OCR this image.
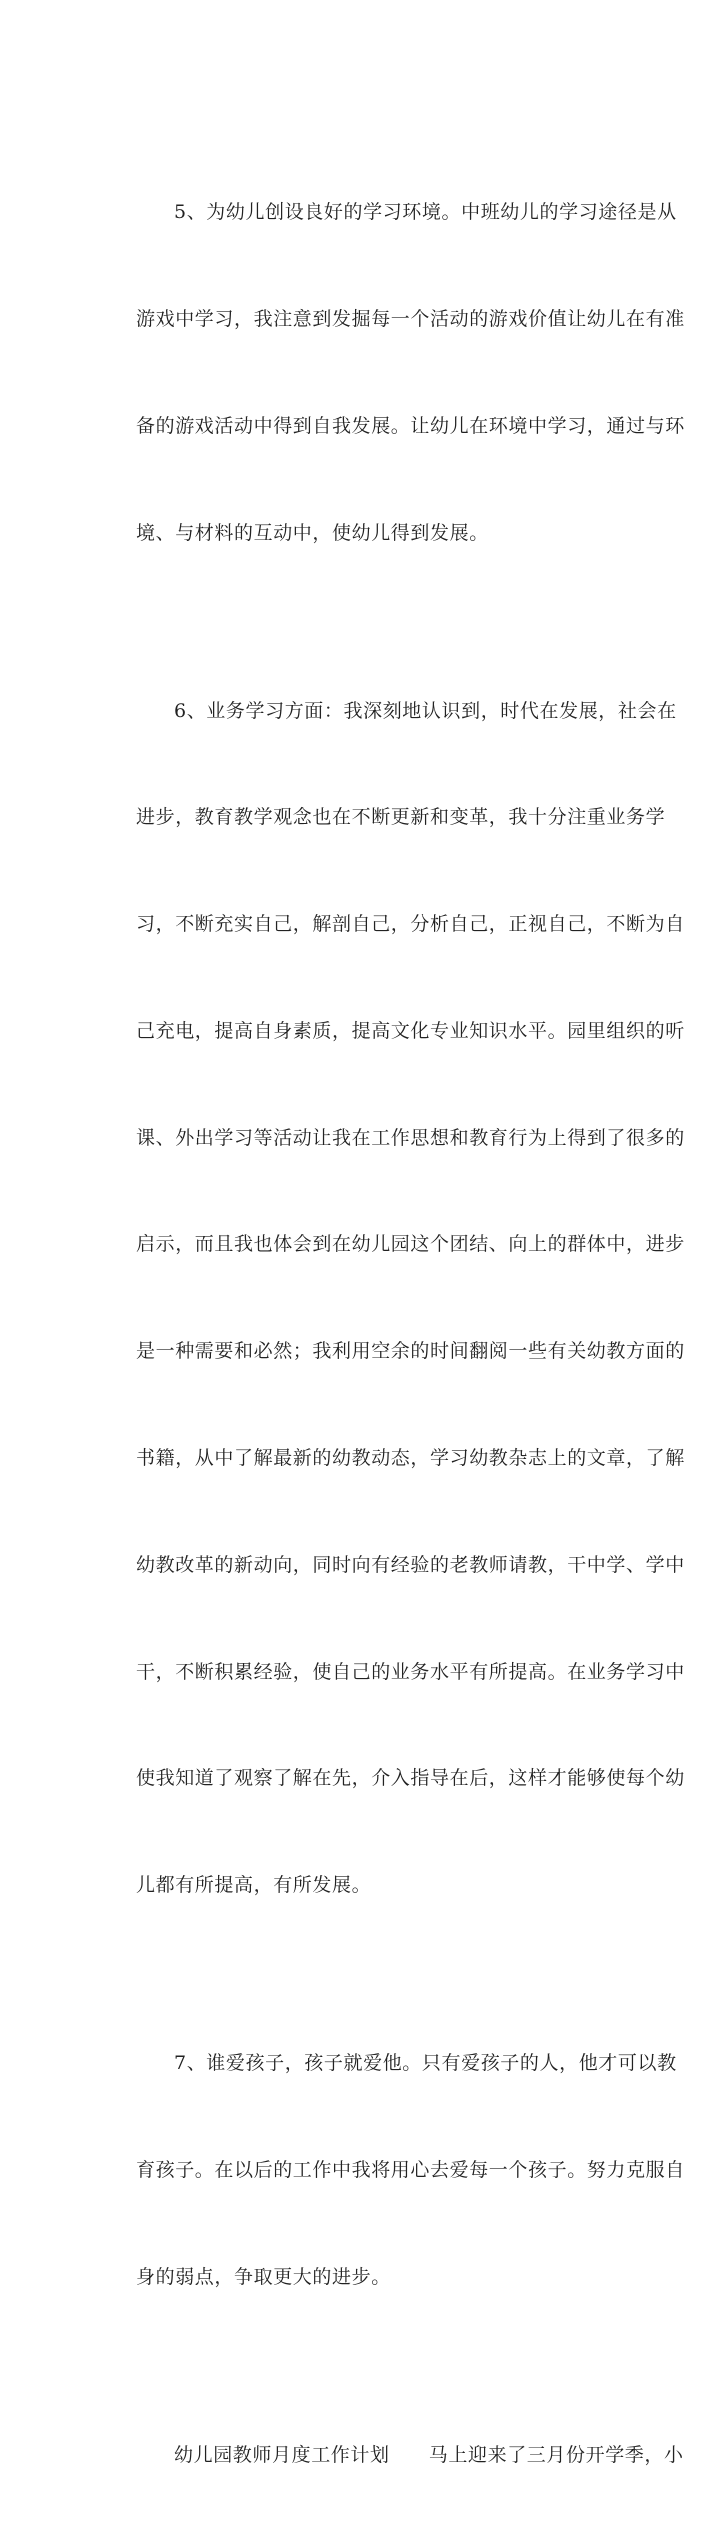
5、为幼儿创设良好的学习环境。中班幼儿的学习途径是从

游戏中学习，我注意到发掘每一个活动的游戏价值让幼儿在有准

备的游戏活动中得到自我发展。让幼儿在环境中学习，通过与环

境、与材料的互动中，使幼儿得到发展。

6、业务学习方面：我深刻地认识到，时代在发展，社会在

进步，教育教学观念也在不断更新和变革，我十分注重业务学

习，不断充实自己，解剖自己，分析自己，正视自己，不断为自

己充电，提高自身素质，提高文化专业知识水平。园里组织的听

课、外出学习等活动让我在工作思想和教育行为上得到了很多的

启示，而且我也体会到在幼儿园这个团结、向上的群体中，进步

是一种需要和必然；我利用空余的时间翻阅一些有关幼教方面的

书籍，从中了解最新的幼教动态，学习幼教杂志上的文章，了解

幼教改革的新动向，同时向有经验的老教师请教，干中学、学中

干，不断积累经验，使自己的业务水平有所提高。在业务学习中

使我知道了观察了解在先，介入指导在后，这样才能够使每个幼

儿都有所提高，有所发展。

7、谁爱孩子，孩子就爱他。只有爱孩子的人，他才可以教

育孩子。在以后的工作中我将用心去爱每一个孩子。努力克服自

身的弱点，争取更大的进步。

幼儿园教师月度工作计划　　马上迎来了三月份开学季，小
